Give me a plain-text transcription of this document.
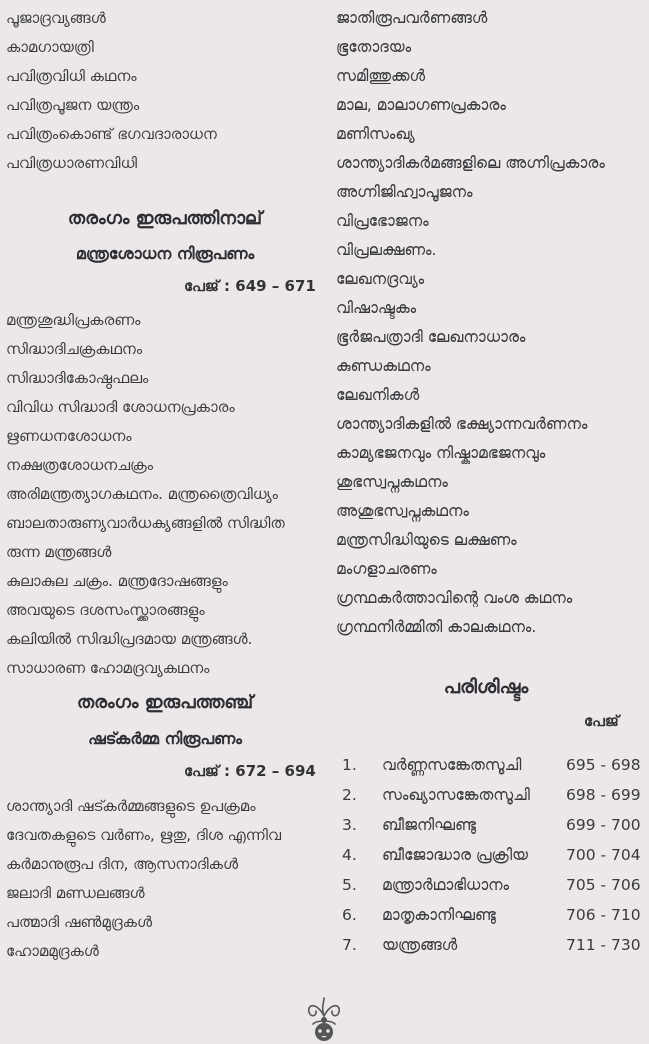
പൂജാദ്രവ്യങ്ങൾ
കാമഗായത്രി
പവിത്രവിധി കഥനം
പവിത്രപൂജന യന്ത്രം
പവിത്രംകൊണ്ട് ഭഗവദാരാധന
പവിത്രധാരണവിധി
തരംഗം ഇരുപത്തിനാല്
മന്ത്രശോധന നിരൂപണം
പേജ് : 649 – 671
മന്ത്രശുദ്ധിപ്രകരണം
സിദ്ധാദിചക്രകഥനം
സിദ്ധാദികോഷ്ഠഫലം
വിവിധ സിദ്ധാദി ശോധനപ്രകാരം
ഋണധനശോധനം
നക്ഷത്രശോധനചക്രം
അരിമന്ത്രത്യാഗകഥനം. മന്ത്രത്രൈവിധ്യം
ബാലതാരുണ്യവാർധക്യങ്ങളിൽ സിദ്ധിത
രുന്ന മന്ത്രങ്ങൾ
കുലാകുല ചക്രം. മന്ത്രദോഷങ്ങളും
അവയുടെ ദശസംസ്ക്കാരങ്ങളും
കലിയിൽ സിദ്ധിപ്രദമായ മന്ത്രങ്ങൾ.
സാധാരണ ഹോമദ്രവ്യകഥനം
തരംഗം ഇരുപത്തഞ്ച്
ഷട്കർമ്മ നിരൂപണം
പേജ് : 672 – 694
ശാന്ത്യാദി ഷട്കർമ്മങ്ങളുടെ ഉപക്രമം
ദേവതകളുടെ വർണം, ഋതു, ദിശ എന്നിവ
കർമാനുരൂപ ദിന, ആസനാദികൾ
ജലാദി മണ്ഡലങ്ങൾ
പത്മാദി ഷൺമുദ്രകൾ
ഹോമമുദ്രകൾ
ജാതിരൂപവർണങ്ങൾ
ഭൂതോദയം
സമിത്തുക്കൾ
മാല, മാലാഗണപ്രകാരം
മണിസംഖ്യ
ശാന്ത്യാദികർമങ്ങളിലെ അഗ്നിപ്രകാരം
അഗ്നിജിഹ്വാപൂജനം
വിപ്രഭോജനം
വിപ്രലക്ഷണം.
ലേഖനദ്രവ്യം
വിഷാഷ്ടകം
ഭൂർജപത്രാദി ലേഖനാധാരം
കുണ്ഡകഥനം
ലേഖനികൾ
ശാന്ത്യാദികളിൽ ഭക്ഷ്യാന്നവർണനം
കാമ്യഭജനവും നിഷ്കാമഭജനവും
ശുഭസ്വപ്നകഥനം
അശുഭസ്വപ്നകഥനം
മന്ത്രസിദ്ധിയുടെ ലക്ഷണം
മംഗളാചരണം
ഗ്രന്ഥകർത്താവിന്റെ വംശ കഥനം
ഗ്രന്ഥനിർമ്മിതി കാലകഥനം.
പരിശിഷ്ടം
പേജ്
1. വർണ്ണസങ്കേതസൂചി	695 - 698
2. സംഖ്യാസങ്കേതസൂചി 698 - 699
3. ബീജനിഘണ്ടു	699 - 700
4. ബീജോദ്ധാര പ്രക്രിയ 700 - 704
5. മന്ത്രാർഥാഭിധാനം	705 - 706
6. മാതൃകാനിഘണ്ടു	706 - 710
7. യന്ത്രങ്ങൾ	711 - 730
